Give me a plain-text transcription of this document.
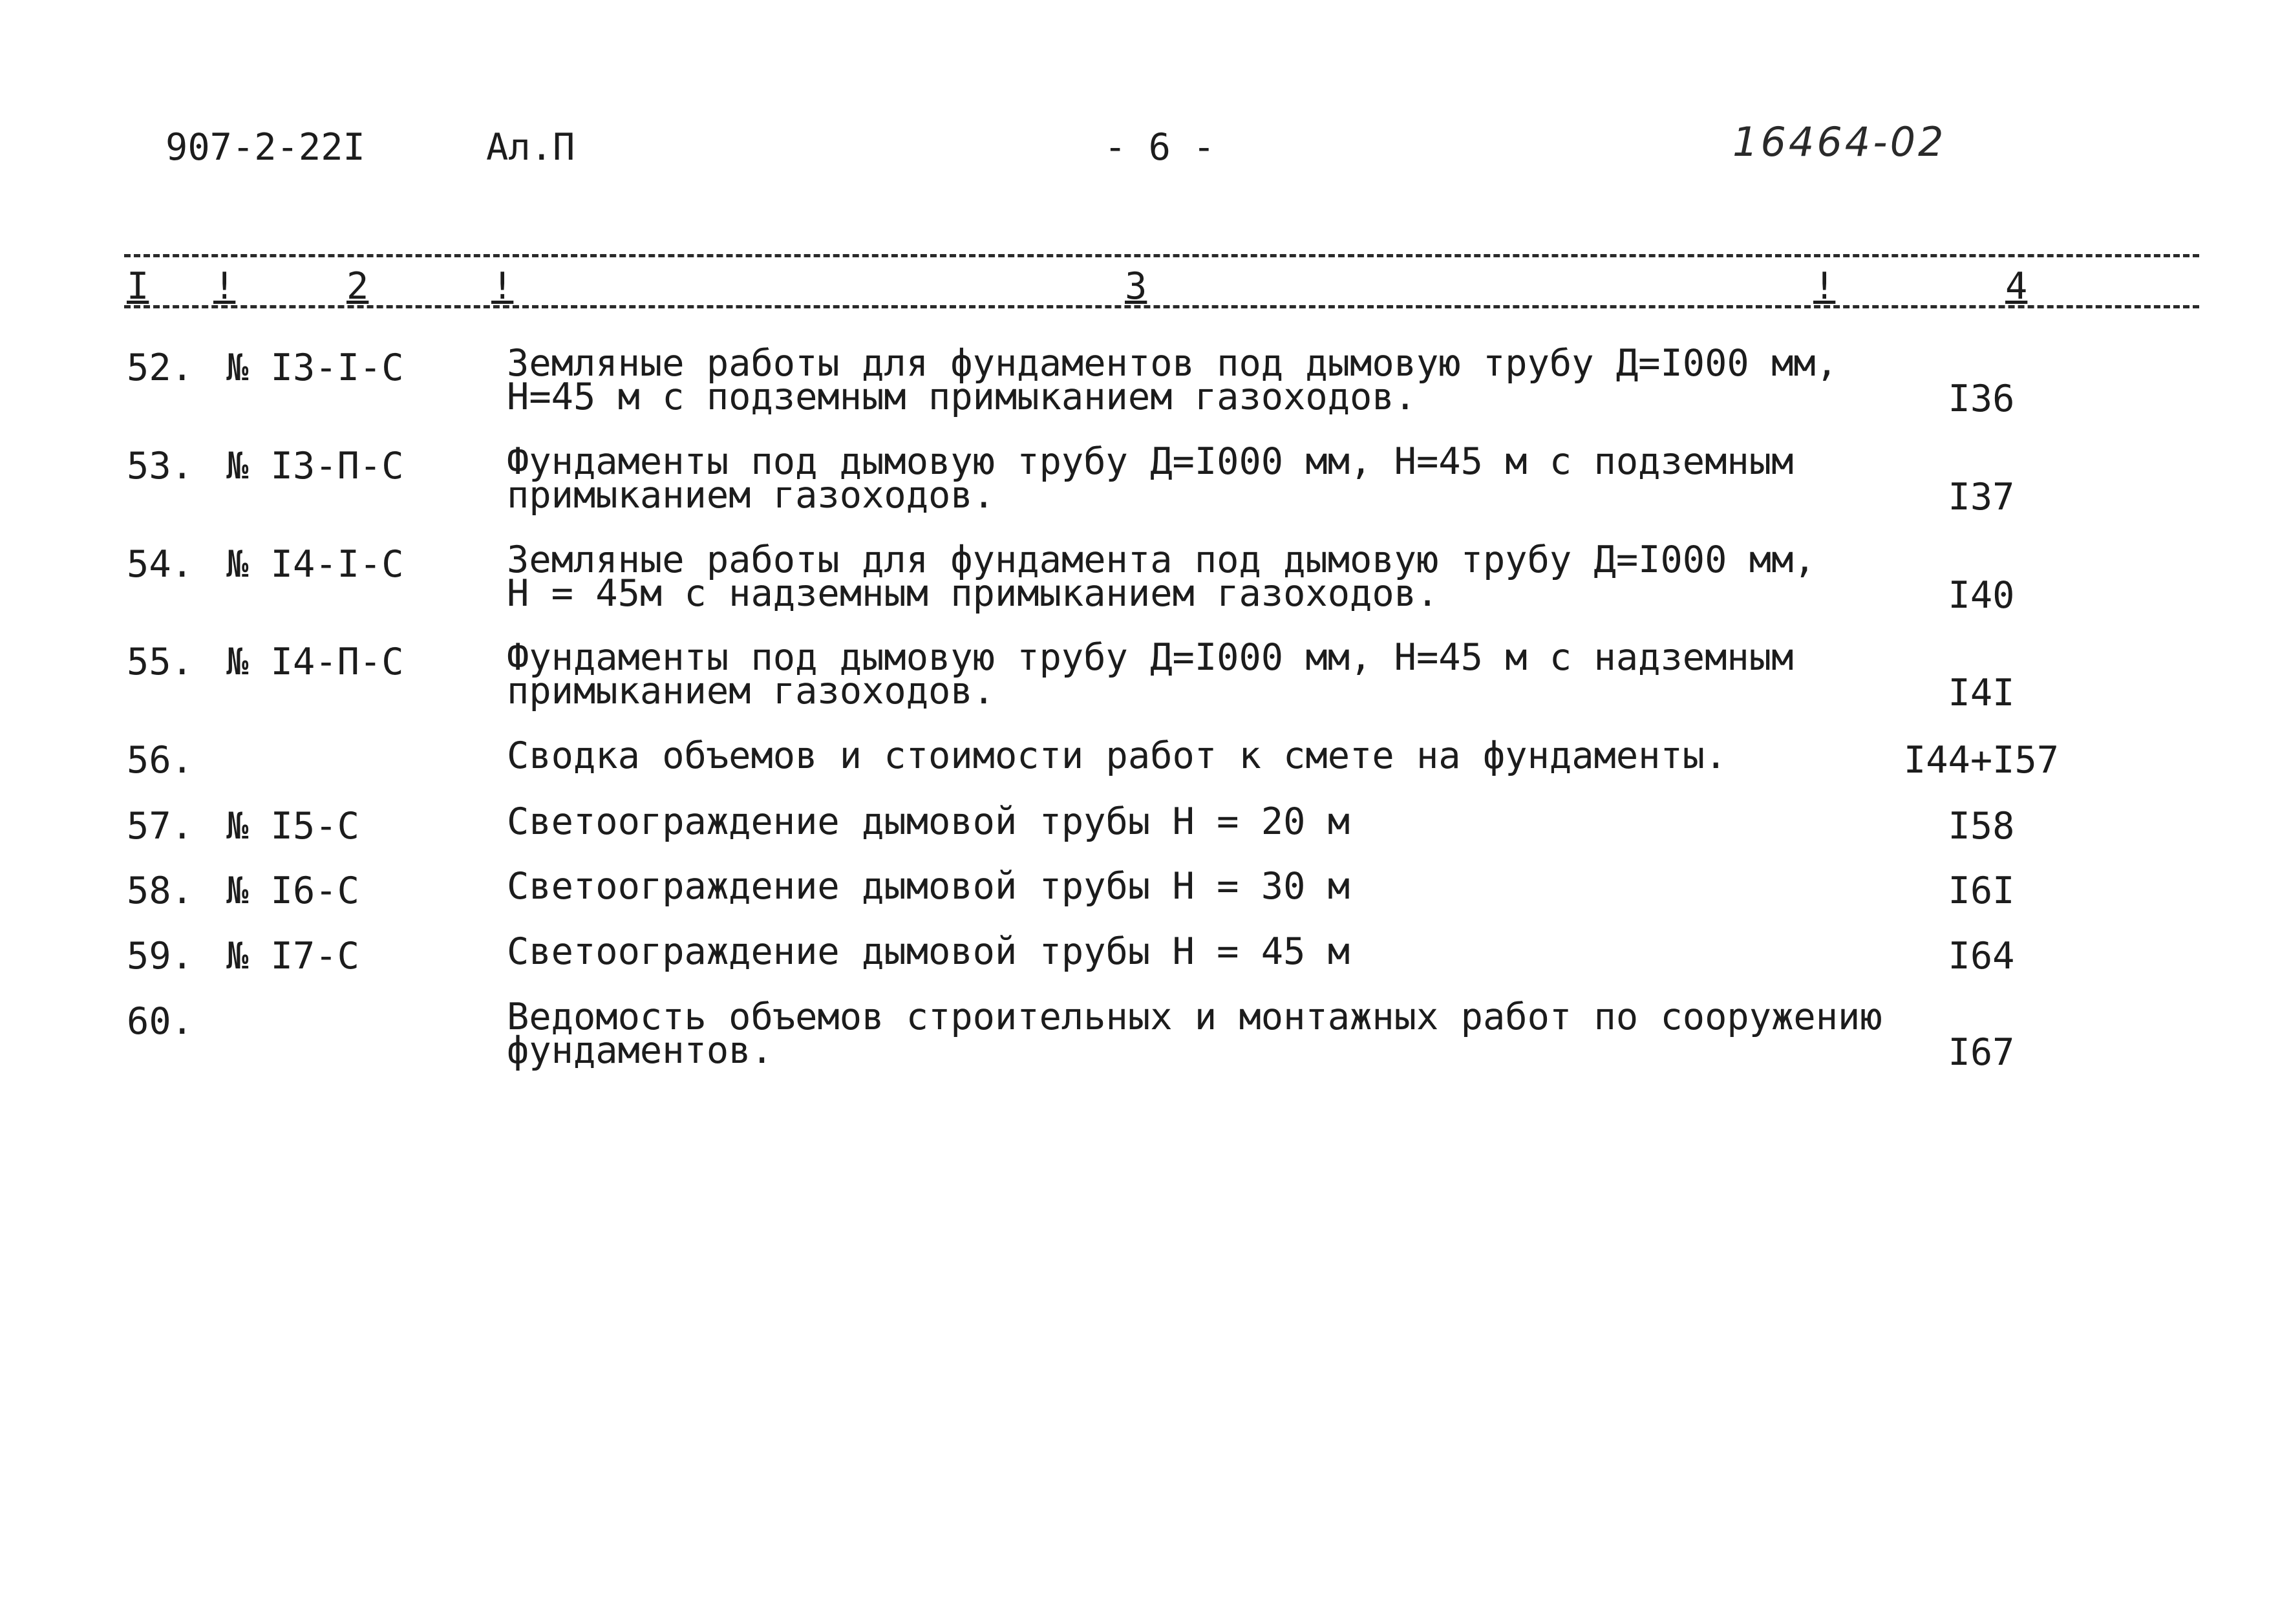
907-2-22I	Ал.П	- 6 -	16464-02
I !	2	!	3	!	4
52. № I3-I-С	Земляные работы для фундаментов под дымовую трубу Д=I000 мм,
Н=45 м с подземным примыканием газоходов.	I36
53. № I3-П-С	Фундаменты под дымовую трубу Д=I000 мм, Н=45 м с подземным
примыканием газоходов.	I37
54. № I4-I-С	Земляные работы для фундамента под дымовую трубу Д=I000 мм,
Н = 45м с надземным примыканием газоходов.	I40
55. № I4-П-С	Фундаменты под дымовую трубу Д=I000 мм, Н=45 м с надземным
примыканием газоходов.	I4I
56.	Сводка объемов и стоимости работ к смете на фундаменты.	I44+I57
57. № I5-С	Светоограждение дымовой трубы Н = 20 м	I58
58. № I6-С	Светоограждение дымовой трубы Н = 30 м	I6I
59. № I7-С	Светоограждение дымовой трубы Н = 45 м	I64
60.	Ведомость объемов строительных и монтажных работ по сооружению
фундаментов.	I67
